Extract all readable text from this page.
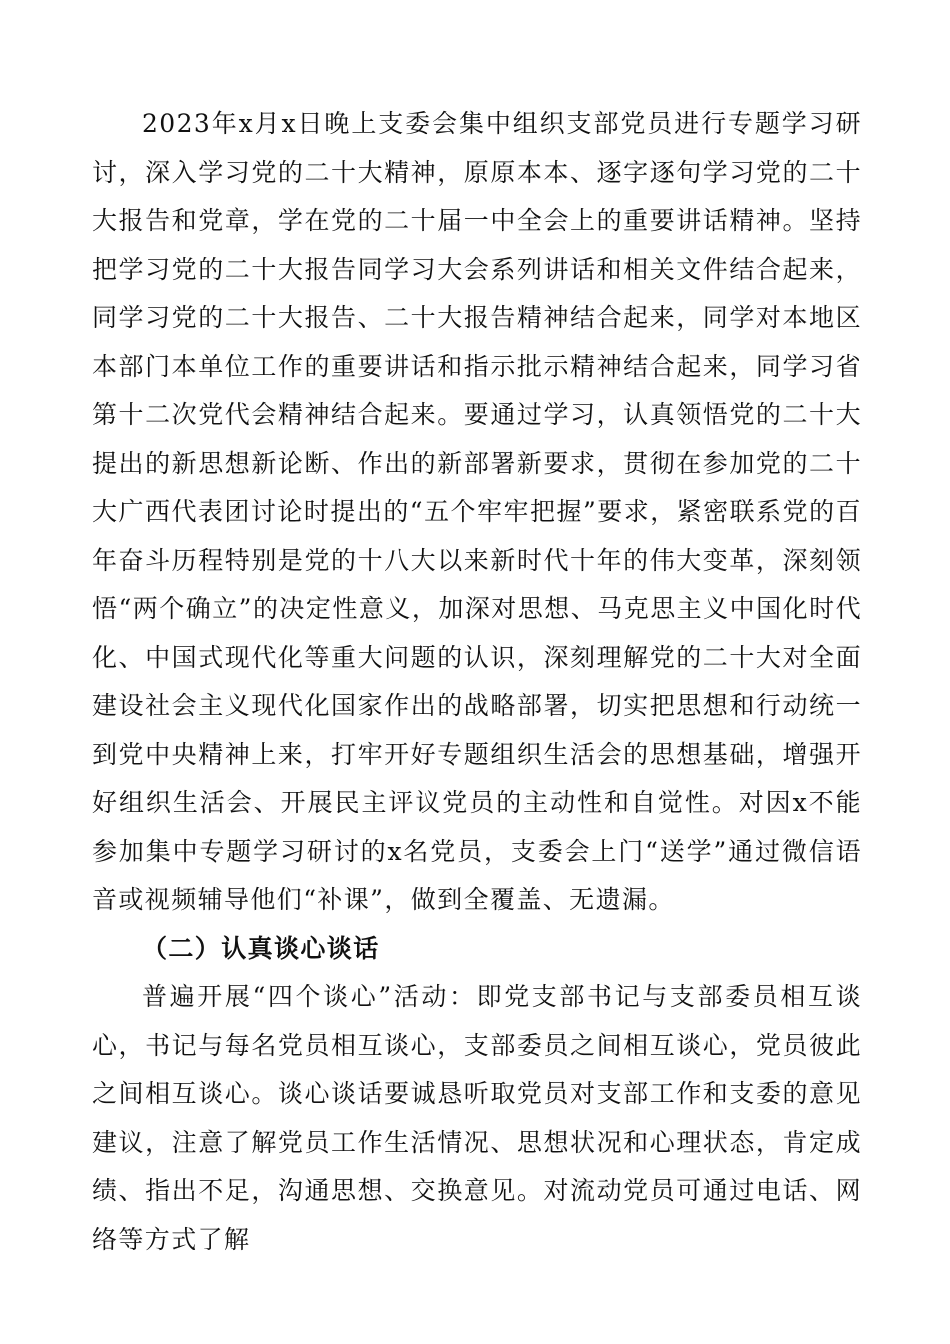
2023年x月x日晚上支委会集中组织支部党员进行专题学习研讨，深入学习党的二十大精神，原原本本、逐字逐句学习党的二十大报告和党章，学在党的二十届一中全会上的重要讲话精神。坚持把学习党的二十大报告同学习大会系列讲话和相关文件结合起来，同学习党的二十大报告、二十大报告精神结合起来，同学对本地区本部门本单位工作的重要讲话和指示批示精神结合起来，同学习省第十二次党代会精神结合起来。要通过学习，认真领悟党的二十大提出的新思想新论断、作出的新部署新要求，贯彻在参加党的二十大广西代表团讨论时提出的“五个牢牢把握”要求，紧密联系党的百年奋斗历程特别是党的十八大以来新时代十年的伟大变革，深刻领悟“两个确立”的决定性意义，加深对思想、马克思主义中国化时代化、中国式现代化等重大问题的认识，深刻理解党的二十大对全面建设社会主义现代化国家作出的战略部署，切实把思想和行动统一到党中央精神上来，打牢开好专题组织生活会的思想基础，增强开好组织生活会、开展民主评议党员的主动性和自觉性。对因x不能参加集中专题学习研讨的x名党员，支委会上门“送学”通过微信语音或视频辅导他们“补课”，做到全覆盖、无遗漏。

（二）认真谈心谈话

普遍开展“四个谈心”活动：即党支部书记与支部委员相互谈心，书记与每名党员相互谈心，支部委员之间相互谈心，党员彼此之间相互谈心。谈心谈话要诚恳听取党员对支部工作和支委的意见建议，注意了解党员工作生活情况、思想状况和心理状态，肯定成绩、指出不足，沟通思想、交换意见。对流动党员可通过电话、网络等方式了解
